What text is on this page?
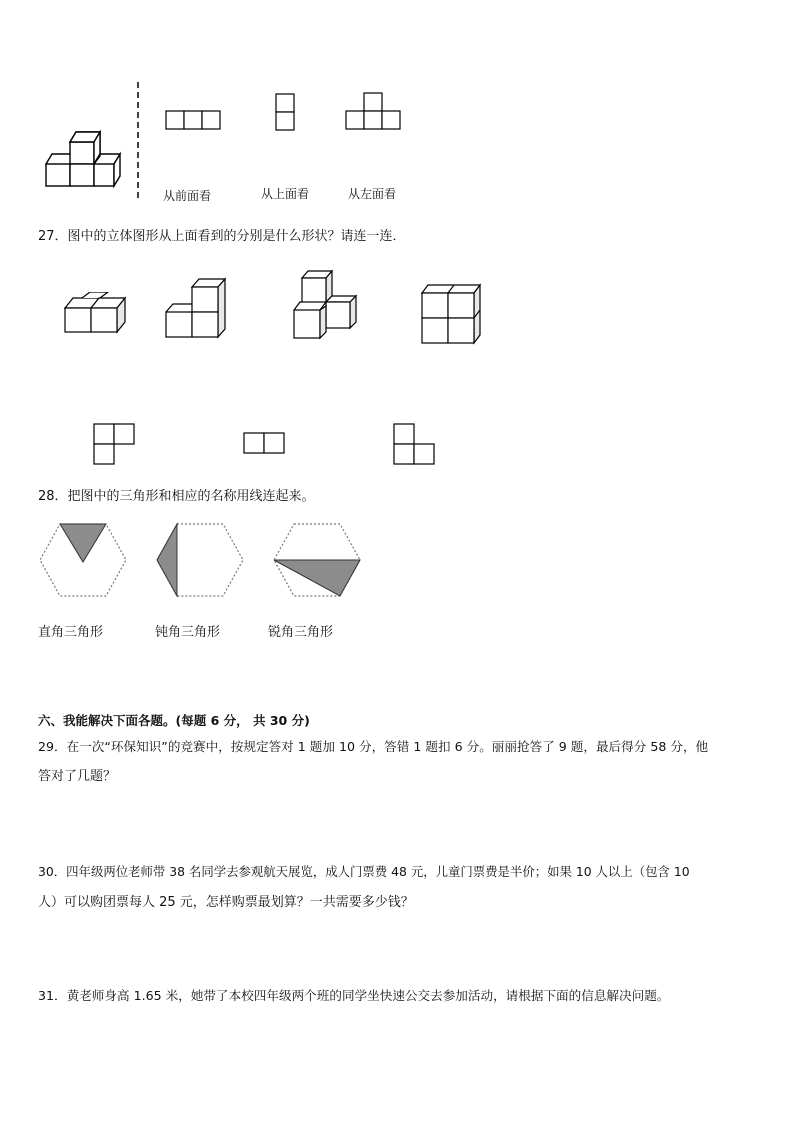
从前面看	从上面看	从左面看
27．图中的立体图形从上面看到的分别是什么形状？请连一连．
28．把图中的三角形和相应的名称用线连起来。
直角三角形	钝角三角形	锐角三角形
六、我能解决下面各题。(每题 6 分， 共 30 分)
29．在一次“环保知识”的竞赛中，按规定答对 1 题加 10 分，答错 1 题扣 6 分。丽丽抢答了 9 题，最后得分 58 分，他
答对了几题？
30．四年级两位老师带 38 名同学去参观航天展览，成人门票费 48 元，儿童门票费是半价；如果 10 人以上（包含 10
人）可以购团票每人 25 元，怎样购票最划算？一共需要多少钱？
31．黄老师身高 1.65 米，她带了本校四年级两个班的同学坐快速公交去参加活动，请根据下面的信息解决问题。
